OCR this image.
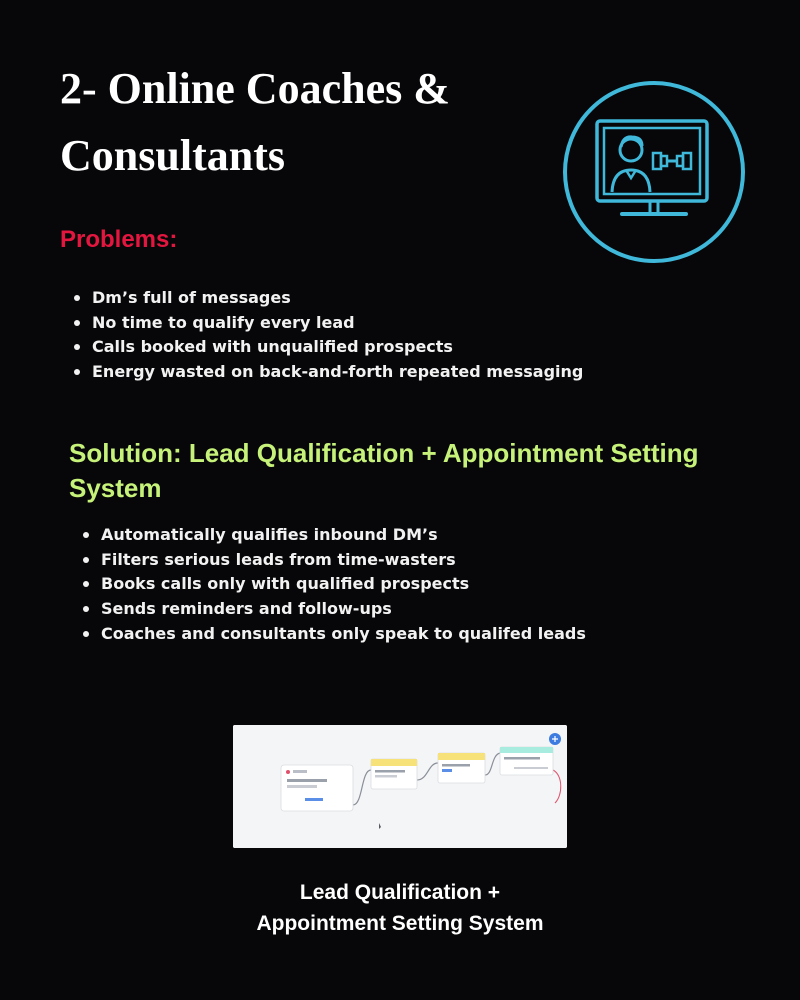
2- Online Coaches &
Consultants
Problems:
Dm’s full of messages
No time to qualify every lead
Calls booked with unqualified prospects
Energy wasted on back-and-forth repeated messaging
Solution: Lead Qualification + Appointment Setting System
Automatically qualifies inbound DM’s
Filters serious leads from time-wasters
Books calls only with qualified prospects
Sends reminders and follow-ups
Coaches and consultants only speak to qualifed leads
Lead Qualification +
Appointment Setting System
